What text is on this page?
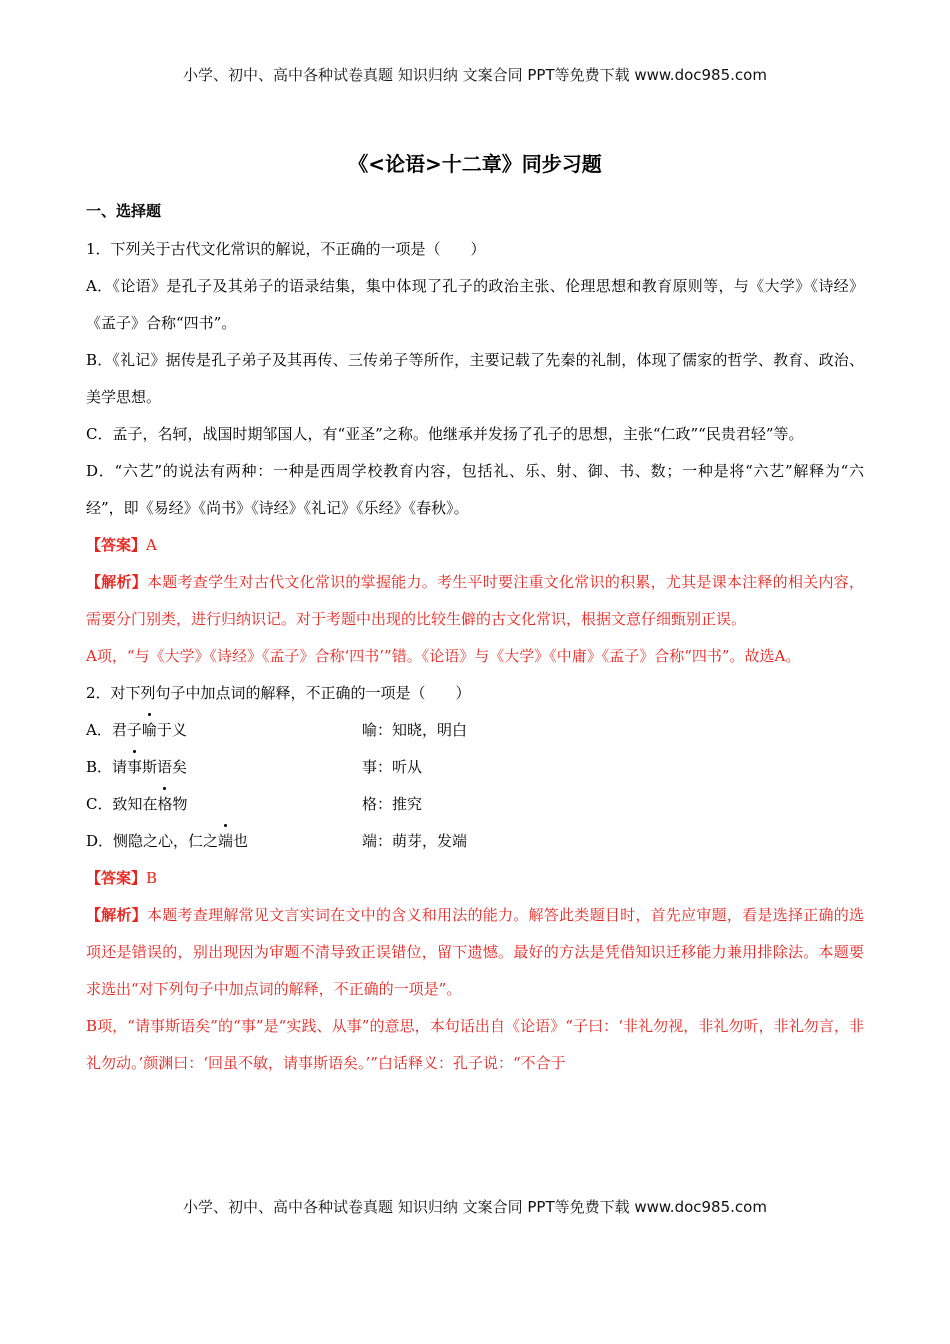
小学、初中、高中各种试卷真题 知识归纳 文案合同 PPT等免费下载 www.doc985.com
《<论语>十二章》同步习题
一、选择题

1．下列关于古代文化常识的解说，不正确的一项是（　　）

A．《论语》是孔子及其弟子的语录结集，集中体现了孔子的政治主张、伦理思想和教育原则等，与《大学》《诗经》《孟子》合称“四书”。

B．《礼记》据传是孔子弟子及其再传、三传弟子等所作，主要记载了先秦的礼制，体现了儒家的哲学、教育、政治、美学思想。

C．孟子，名轲，战国时期邹国人，有“亚圣”之称。他继承并发扬了孔子的思想，主张“仁政”“民贵君轻”等。

D．“六艺”的说法有两种：一种是西周学校教育内容，包括礼、乐、射、御、书、数；一种是将“六艺”解释为“六经”，即《易经》《尚书》《诗经》《礼记》《乐经》《春秋》。

【答案】A

【解析】本题考查学生对古代文化常识的掌握能力。考生平时要注重文化常识的积累，尤其是课本注释的相关内容，需要分门别类，进行归纳识记。对于考题中出现的比较生僻的古文化常识，根据文意仔细甄别正误。

A项，“与《大学》《诗经》《孟子》合称‘四书’”错。《论语》与《大学》《中庸》《孟子》合称“四书”。故选A。

2．对下列句子中加点词的解释，不正确的一项是（　　）

A．君子喻于义	喻：知晓，明白
B．请事斯语矣	事：听从
C．致知在格物	格：推究
D．恻隐之心，仁之端也	端：萌芽，发端

【答案】B

【解析】本题考查理解常见文言实词在文中的含义和用法的能力。解答此类题目时，首先应审题，看是选择正确的选项还是错误的，别出现因为审题不清导致正误错位，留下遗憾。最好的方法是凭借知识迁移能力兼用排除法。本题要求选出“对下列句子中加点词的解释，不正确的一项是”。

B项，“请事斯语矣”的“事”是“实践、从事”的意思，本句话出自《论语》“子曰：‘非礼勿视，非礼勿听，非礼勿言，非礼勿动。’颜渊曰：‘回虽不敏，请事斯语矣。’”白话释义：孔子说：“不合于

小学、初中、高中各种试卷真题 知识归纳 文案合同 PPT等免费下载 www.doc985.com
